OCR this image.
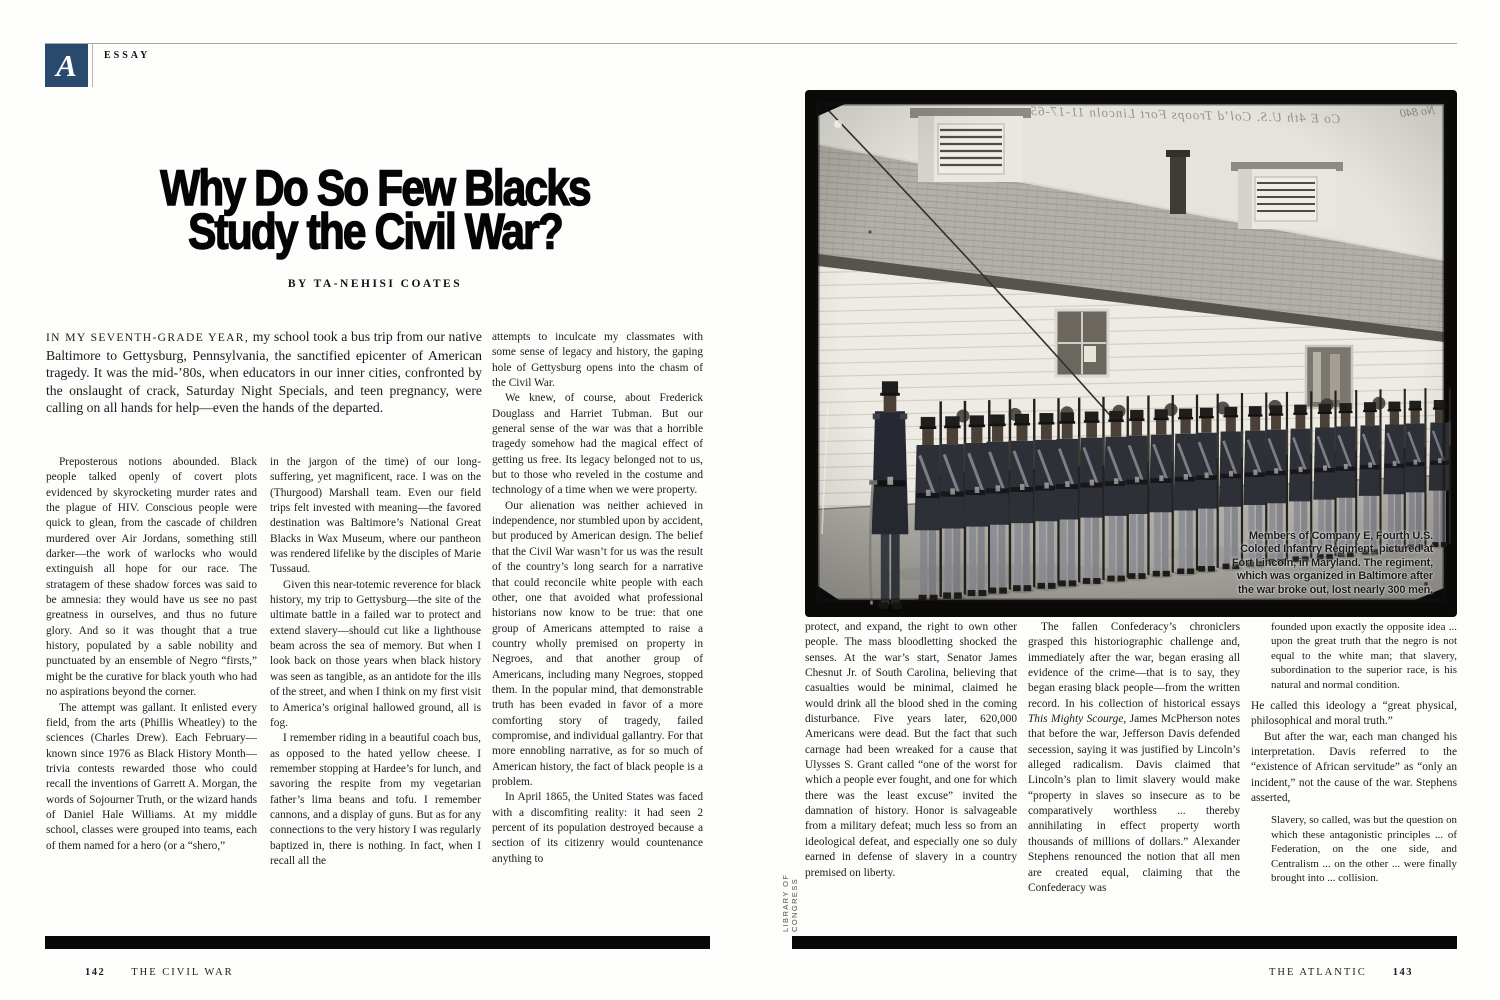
A	ESSAY
Why Do So Few Blacks
Study the Civil War?
BY TA-NEHISI COATES
IN MY SEVENTH-GRADE YEAR, my school took a bus trip from our native Baltimore to Gettysburg, Pennsylvania, the sanctified epicenter of American tragedy. It was the mid-’80s, when educators in our inner cities, confronted by the onslaught of crack, Saturday Night Specials, and teen pregnancy, were calling on all hands for help—even the hands of the departed.

Preposterous notions abounded. Black people talked openly of covert plots evidenced by skyrocketing murder rates and the plague of HIV. Conscious people were quick to glean, from the cascade of children murdered over Air Jordans, something still darker—the work of warlocks who would extinguish all hope for our race. The stratagem of these shadow forces was said to be amnesia: they would have us see no past greatness in ourselves, and thus no future glory. And so it was thought that a true history, populated by a sable nobility and punctuated by an ensemble of Negro “firsts,” might be the curative for black youth who had no aspirations beyond the corner.

The attempt was gallant. It enlisted every field, from the arts (Phillis Wheatley) to the sciences (Charles Drew). Each February—known since 1976 as Black History Month—trivia contests rewarded those who could recall the inventions of Garrett A. Morgan, the words of Sojourner Truth, or the wizard hands of Daniel Hale Williams. At my middle school, classes were grouped into teams, each of them named for a hero (or a “shero,”

in the jargon of the time) of our long-suffering, yet magnificent, race. I was on the (Thurgood) Marshall team. Even our field trips felt invested with meaning—the favored destination was Baltimore’s National Great Blacks in Wax Museum, where our pantheon was rendered lifelike by the disciples of Marie Tussaud.

Given this near-totemic reverence for black history, my trip to Gettysburg—the site of the ultimate battle in a failed war to protect and extend slavery—should cut like a lighthouse beam across the sea of memory. But when I look back on those years when black history was seen as tangible, as an antidote for the ills of the street, and when I think on my first visit to America’s original hallowed ground, all is fog.

I remember riding in a beautiful coach bus, as opposed to the hated yellow cheese. I remember stopping at Hardee’s for lunch, and savoring the respite from my vegetarian father’s lima beans and tofu. I remember cannons, and a display of guns. But as for any connections to the very history I was regularly baptized in, there is nothing. In fact, when I recall all the

attempts to inculcate my classmates with some sense of legacy and history, the gaping hole of Gettysburg opens into the chasm of the Civil War.

We knew, of course, about Frederick Douglass and Harriet Tubman. But our general sense of the war was that a horrible tragedy somehow had the magical effect of getting us free. Its legacy belonged not to us, but to those who reveled in the costume and technology of a time when we were property.

Our alienation was neither achieved in independence, nor stumbled upon by accident, but produced by American design. The belief that the Civil War wasn’t for us was the result of the country’s long search for a narrative that could reconcile white people with each other, one that avoided what professional historians now know to be true: that one group of Americans attempted to raise a country wholly premised on property in Negroes, and that another group of Americans, including many Negroes, stopped them. In the popular mind, that demonstrable truth has been evaded in favor of a more comforting story of tragedy, failed compromise, and individual gallantry. For that more ennobling narrative, as for so much of American history, the fact of black people is a problem.

In April 1865, the United States was faced with a discomfiting reality: it had seen 2 percent of its population destroyed because a section of its citizenry would countenance anything to

protect, and expand, the right to own other people. The mass bloodletting shocked the senses. At the war’s start, Senator James Chesnut Jr. of South Carolina, believing that casualties would be minimal, claimed he would drink all the blood shed in the coming disturbance. Five years later, 620,000 Americans were dead. But the fact that such carnage had been wreaked for a cause that Ulysses S. Grant called “one of the worst for which a people ever fought, and one for which there was the least excuse” invited the damnation of history. Honor is salvageable from a military defeat; much less so from an ideological defeat, and especially one so duly earned in defense of slavery in a country premised on liberty.

The fallen Confederacy’s chroniclers grasped this historiographic challenge and, immediately after the war, began erasing all evidence of the crime—that is to say, they began erasing black people—from the written record. In his collection of historical essays This Mighty Scourge, James McPherson notes that before the war, Jefferson Davis defended secession, saying it was justified by Lincoln’s alleged radicalism. Davis claimed that Lincoln’s plan to limit slavery would make “property in slaves so insecure as to be comparatively worthless ... thereby annihilating in effect property worth thousands of millions of dollars.” Alexander Stephens renounced the notion that all men are created equal, claiming that the Confederacy was

founded upon exactly the opposite idea ... upon the great truth that the negro is not equal to the white man; that slavery, subordination to the superior race, is his natural and normal condition.

He called this ideology a “great physical, philosophical and moral truth.”

But after the war, each man changed his interpretation. Davis referred to the “existence of African servitude” as “only an incident,” not the cause of the war. Stephens asserted,

Slavery, so called, was but the question on which these antagonistic principles ... of Federation, on the one side, and Centralism ... on the other ... were finally brought into ... collision.
Co E 4th U.S. Col’d Troops Fort Lincoln 11-17-65	No 840
Members of Company E, Fourth U.S. Colored Infantry Regiment, pictured at Fort Lincoln, in Maryland. The regiment, which was organized in Baltimore after the war broke out, lost nearly 300 men.
LIBRARY OF CONGRESS
142 THE CIVIL WAR	THE ATLANTIC 143
